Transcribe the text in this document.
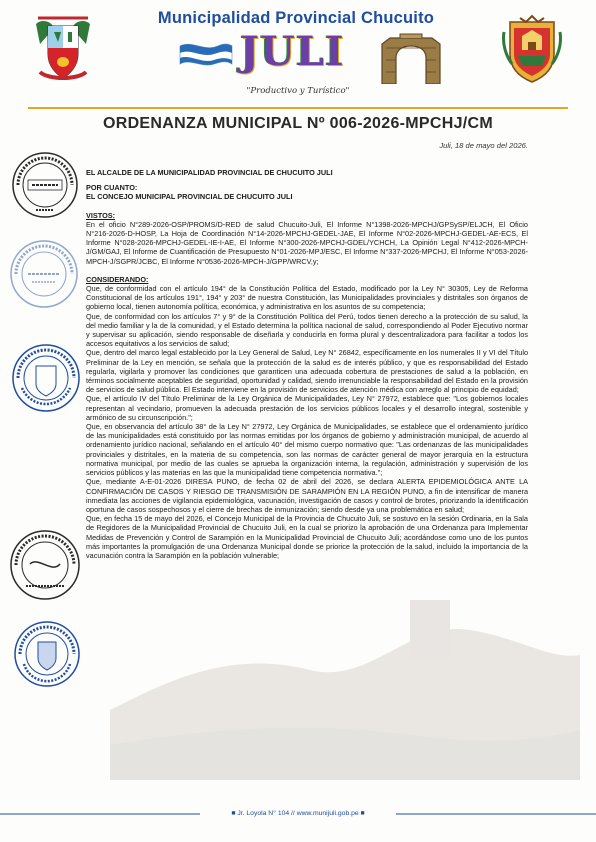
Municipalidad Provincial Chucuito
JULI
"Productivo y Turístico"
ORDENANZA MUNICIPAL Nº 006-2026-MPCHJ/CM
Juli, 18 de mayo del 2026.
EL ALCALDE DE LA MUNICIPALIDAD PROVINCIAL DE CHUCUITO JULI
POR CUANTO:
EL CONCEJO MUNICIPAL PROVINCIAL DE CHUCUITO JULI
VISTOS:

En el oficio N°289-2026-OSP/PROMS/D-RED de salud Chucuito-Juli, El Informe N°1398-2026-MPCHJ/GPSySP/ELJCH, El Oficio N°216-2026-D-HOSP, La Hoja de Coordinación N°14-2026-MPCHJ-GEDEL-JAE, El Informe N°02-2026-MPCHJ-GEDEL-AE-ECS, El Informe N°028-2026-MPCHJ-GEDEL-IE-I-AE, El Informe N°300-2026-MPCHJ-GDEL/YCHCH, La Opinión Legal N°412-2026-MPCH-J/GM/GAJ, El Informe de Cuantificación de Presupuesto N°01-2026-MPJ/ESC, El Informe N°337-2026-MPCHJ, El Informe N°053-2026-MPCH-J/SGPR/JCBC, El Informe N°0536-2026-MPCH-J/GPP/WRCV,y;

CONSIDERANDO:

Que, de conformidad con el artículo 194° de la Constitución Política del Estado, modificado por la Ley N° 30305, Ley de Reforma Constitucional de los artículos 191°, 194° y 203° de nuestra Constitución, las Municipalidades provinciales y distritales son órganos de gobierno local, tienen autonomía política, económica, y administrativa en los asuntos de su competencia;

Que, de conformidad con los artículos 7° y 9° de la Constitución Política del Perú, todos tienen derecho a la protección de su salud, la del medio familiar y la de la comunidad, y el Estado determina la política nacional de salud, correspondiendo al Poder Ejecutivo normar y supervisar su aplicación, siendo responsable de diseñarla y conducirla en forma plural y descentralizadora para facilitar a todos los accesos equitativos a los servicios de salud;

Que, dentro del marco legal establecido por la Ley General de Salud, Ley N° 26842, específicamente en los numerales II y VI del Título Preliminar de la Ley en mención, se señala que la protección de la salud es de interés público, y que es responsabilidad del Estado regularla, vigilarla y promover las condiciones que garanticen una adecuada cobertura de prestaciones de salud a la población, en términos socialmente aceptables de seguridad, oportunidad y calidad, siendo irrenunciable la responsabilidad del Estado en la provisión de servicios de salud pública. El Estado interviene en la provisión de servicios de atención médica con arreglo al principio de equidad;

Que, el artículo IV del Título Preliminar de la Ley Orgánica de Municipalidades, Ley N° 27972, establece que: "Los gobiernos locales representan al vecindario, promueven la adecuada prestación de los servicios públicos locales y el desarrollo integral, sostenible y armónico de su circunscripción.";

Que, en observancia del artículo 38° de la Ley N° 27972, Ley Orgánica de Municipalidades, se establece que el ordenamiento jurídico de las municipalidades está constituido por las normas emitidas por los órganos de gobierno y administración municipal, de acuerdo al ordenamiento jurídico nacional, señalando en el artículo 40° del mismo cuerpo normativo que: "Las ordenanzas de las municipalidades provinciales y distritales, en la materia de su competencia, son las normas de carácter general de mayor jerarquía en la estructura normativa municipal, por medio de las cuales se aprueba la organización interna, la regulación, administración y supervisión de los servicios públicos y las materias en las que la municipalidad tiene competencia normativa.";

Que, mediante A-E-01-2026 DIRESA PUNO, de fecha 02 de abril del 2026, se declara ALERTA EPIDEMIOLÓGICA ANTE LA CONFIRMACIÓN DE CASOS Y RIESGO DE TRANSMISIÓN DE SARAMPIÓN EN LA REGIÓN PUNO, a fin de intensificar de manera inmediata las acciones de vigilancia epidemiológica, vacunación, investigación de casos y control de brotes, priorizando la identificación oportuna de casos sospechosos y el cierre de brechas de inmunización; siendo desde ya una problemática en salud;

Que, en fecha 15 de mayo del 2026, el Concejo Municipal de la Provincia de Chucuito Juli, se sostuvo en la sesión Ordinaria, en la Sala de Regidores de la Municipalidad Provincial de Chucuito Juli, en la cual se priorizo la aprobación de una Ordenanza para Implementar Medidas de Prevención y Control de Sarampión en la Municipalidad Provincial de Chucuito Juli; acordándose como uno de los puntos más importantes la promulgación de una Ordenanza Municipal donde se priorice la protección de la salud, incluido la importancia de la vacunación contra la Sarampión en la población vulnerable;

■ Jr. Loyola N° 104 // www.munijuli.gob.pe ■
